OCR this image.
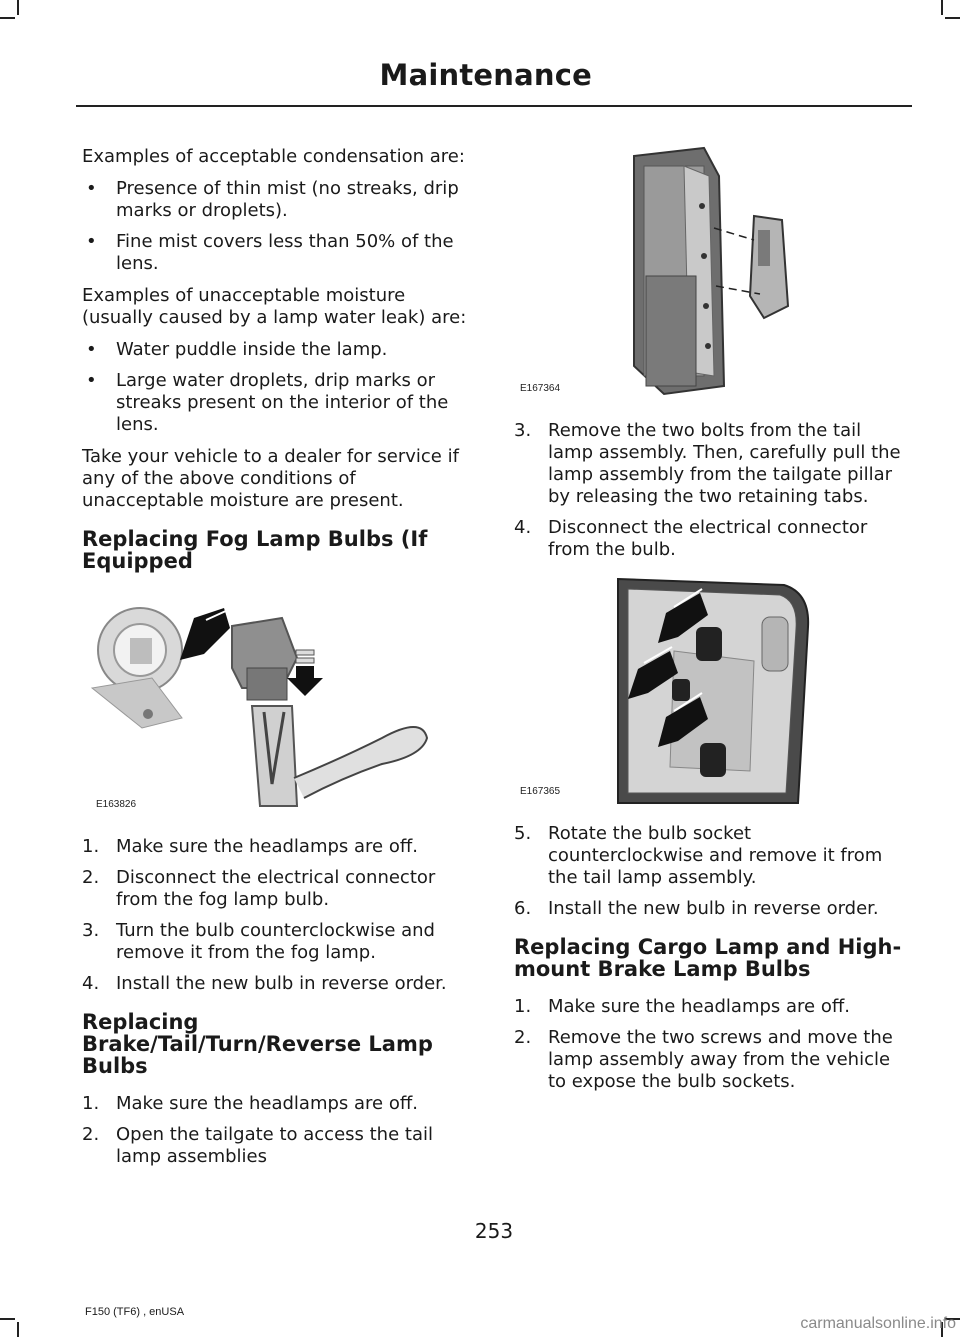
Maintenance

Examples of acceptable condensation are:

• Presence of thin mist (no streaks, drip marks or droplets).
• Fine mist covers less than 50% of the lens.

Examples of unacceptable moisture (usually caused by a lamp water leak) are:

• Water puddle inside the lamp.
• Large water droplets, drip marks or streaks present on the interior of the lens.

Take your vehicle to a dealer for service if any of the above conditions of unacceptable moisture are present.

Replacing Fog Lamp Bulbs (If Equipped
E163826
1. Make sure the headlamps are off.
2. Disconnect the electrical connector from the fog lamp bulb.
3. Turn the bulb counterclockwise and remove it from the fog lamp.
4. Install the new bulb in reverse order.
Replacing Brake/Tail/Turn/Reverse Lamp Bulbs
1. Make sure the headlamps are off.
2. Open the tailgate to access the tail lamp assemblies
E167364
3. Remove the two bolts from the tail lamp assembly. Then, carefully pull the lamp assembly from the tailgate pillar by releasing the two retaining tabs.
4. Disconnect the electrical connector from the bulb.
E167365
5. Rotate the bulb socket counterclockwise and remove it from the tail lamp assembly.
6. Install the new bulb in reverse order.
Replacing Cargo Lamp and High-mount Brake Lamp Bulbs
1. Make sure the headlamps are off.
2. Remove the two screws and move the lamp assembly away from the vehicle to expose the bulb sockets.
253
F150 (TF6) , enUSA
carmanualsonline.info
